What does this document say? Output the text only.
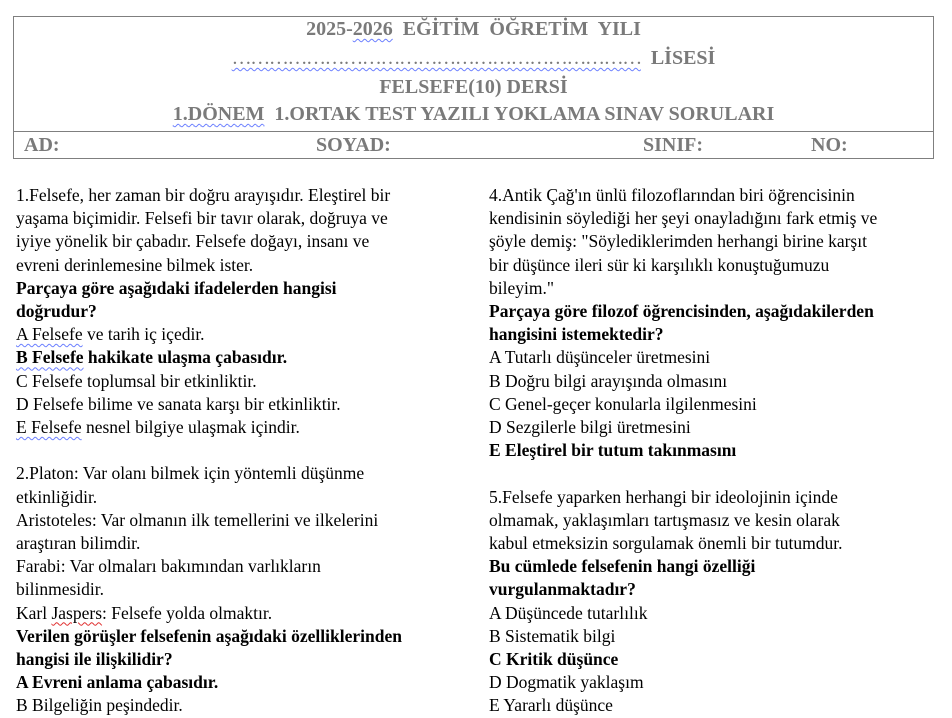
2025-2026  EĞİTİM  ÖĞRETİM  YILI
…………………………………………………………  LİSESİ
FELSEFE(10) DERSİ
1.DÖNEM  1.ORTAK TEST YAZILI YOKLAMA SINAV SORULARI
AD:	SOYAD:	SINIF:	NO:
1.Felsefe, her zaman bir doğru arayışıdır. Eleştirel bir
yaşama biçimidir. Felsefi bir tavır olarak, doğruya ve
iyiye yönelik bir çabadır. Felsefe doğayı, insanı ve
evreni derinlemesine bilmek ister.
Parçaya göre aşağıdaki ifadelerden hangisi
doğrudur?
A Felsefe ve tarih iç içedir.
B Felsefe hakikate ulaşma çabasıdır.
C Felsefe toplumsal bir etkinliktir.
D Felsefe bilime ve sanata karşı bir etkinliktir.
E Felsefe nesnel bilgiye ulaşmak içindir.
2.Platon: Var olanı bilmek için yöntemli düşünme
etkinliğidir.
Aristoteles: Var olmanın ilk temellerini ve ilkelerini
araştıran bilimdir.
Farabi: Var olmaları bakımından varlıkların
bilinmesidir.
Karl Jaspers: Felsefe yolda olmaktır.
Verilen görüşler felsefenin aşağıdaki özelliklerinden
hangisi ile ilişkilidir?
A Evreni anlama çabasıdır.
B Bilgeliğin peşindedir.
4.Antik Çağ'ın ünlü filozoflarından biri öğrencisinin
kendisinin söylediği her şeyi onayladığını fark etmiş ve
şöyle demiş: "Söylediklerimden herhangi birine karşıt
bir düşünce ileri sür ki karşılıklı konuştuğumuzu
bileyim."
Parçaya göre filozof öğrencisinden, aşağıdakilerden
hangisini istemektedir?
A Tutarlı düşünceler üretmesini
B Doğru bilgi arayışında olmasını
C Genel-geçer konularla ilgilenmesini
D Sezgilerle bilgi üretmesini
E Eleştirel bir tutum takınmasını
5.Felsefe yaparken herhangi bir ideolojinin içinde
olmamak, yaklaşımları tartışmasız ve kesin olarak
kabul etmeksizin sorgulamak önemli bir tutumdur.
Bu cümlede felsefenin hangi özelliği
vurgulanmaktadır?
A Düşüncede tutarlılık
B Sistematik bilgi
C Kritik düşünce
D Dogmatik yaklaşım
E Yararlı düşünce
